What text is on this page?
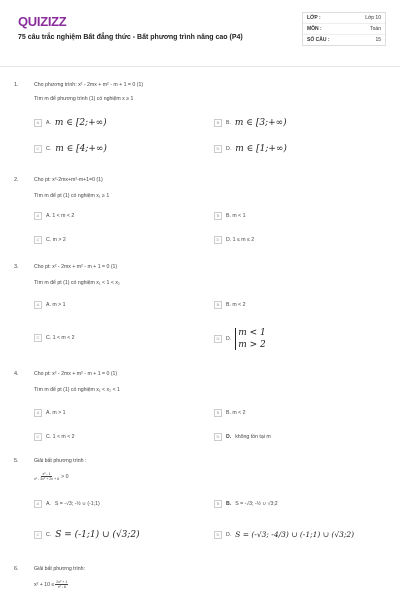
QUIZIZZ
75 câu trắc nghiệm Bất đẳng thức - Bất phương trình nâng cao (P4)
LỚP :	Lớp 10
MÔN :	Toán
SỐ CÂU :	15
1.	Cho phương trình: x² - 2mx + m² - m + 1 = 0 (1)
Tìm m để phương trình (1) có nghiệm x ≥ 1
A	A. m ∈ [2;+∞)	B	B. m ∈ [3;+∞)
C	C. m ∈ [4;+∞)	D	D. m ∈ [1;+∞)
2.	Cho pt: x²-2mx+m²-m+1=0 (1)
Tìm m để pt (1) có nghiệm x₁ ≥ 1
A	A. 1 < m < 2	B	B. m < 1
C	C. m > 2	D	D. 1 ≤ m ≤ 2
3.	Cho pt: x² - 2mx + m² - m + 1 = 0 (1)
Tìm m để pt (1) có nghiệm x₁ < 1 < x₂
A	A. m > 1	B	B. m < 2
C	C. 1 < m < 2	D	D.
m < 1
m > 2
4.	Cho pt: x² - 2mx + m² - m + 1 = 0 (1)
Tìm m để pt (1) có nghiệm x₁ < x₂ < 1
A	A. m > 1	B	B. m < 2
C	C. 1 < m < 2	D	D. không tồn tại m
5.	Giải bất phương trình :
$\frac{\text{x² - 1}}{\text{x² - 3x² + 2x + 8}} > 0$
A	A. S = -√3; -½ ∪ (-1;1)	B	B. S = -√3; -½ ∪ √3;2
C	C. S = (-1;1) ∪ (√3;2)	D	D. S = (-√3; -4/3) ∪ (-1;1) ∪ (√3;2)
6.	Giải bất phương trình:
$x^2 + 10 \le \frac{\text{2x² + 1}}{\text{x² - 8}}$
